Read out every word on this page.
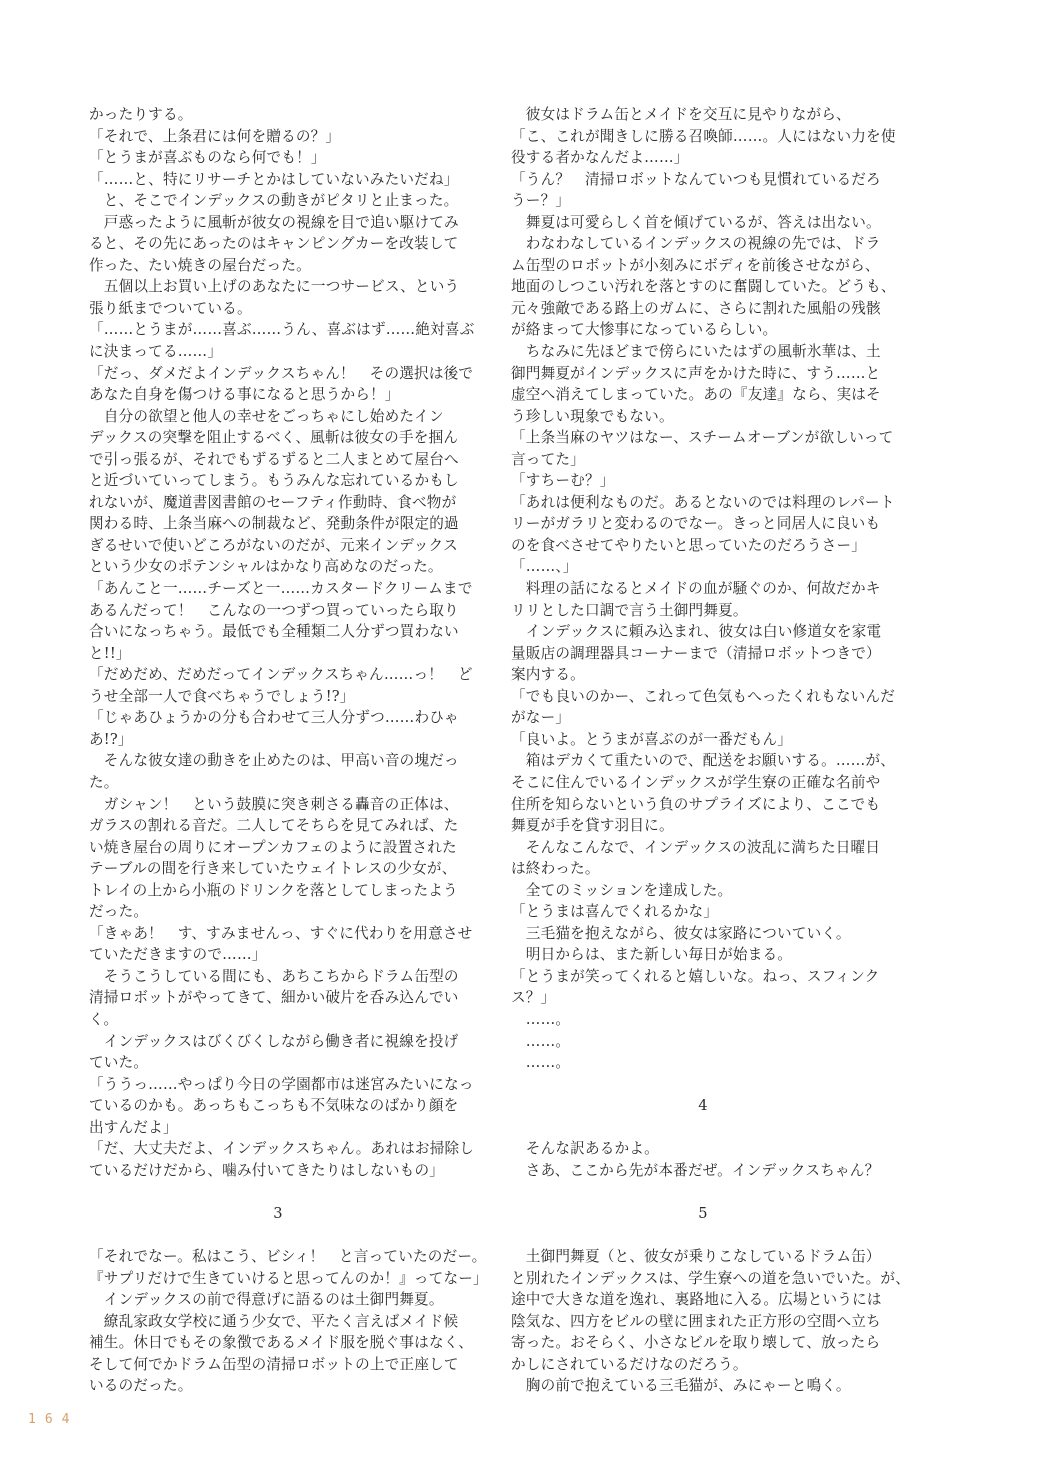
かったりする。
「それで、上条君には何を贈るの？」
「とうまが喜ぶものなら何でも！」
「……と、特にリサーチとかはしていないみたいだね」
　と、そこでインデックスの動きがピタリと止まった。
　戸惑ったように風斬が彼女の視線を目で追い駆けてみ
ると、その先にあったのはキャンピングカーを改装して
作った、たい焼きの屋台だった。
　五個以上お買い上げのあなたに一つサービス、という
張り紙までついている。
「……とうまが……喜ぶ……うん、喜ぶはず……絶対喜ぶ
に決まってる……」
「だっ、ダメだよインデックスちゃん！　その選択は後で
あなた自身を傷つける事になると思うから！」
　自分の欲望と他人の幸せをごっちゃにし始めたイン
デックスの突撃を阻止するべく、風斬は彼女の手を掴ん
で引っ張るが、それでもずるずると二人まとめて屋台へ
と近づいていってしまう。もうみんな忘れているかもし
れないが、魔道書図書館のセーフティ作動時、食べ物が
関わる時、上条当麻への制裁など、発動条件が限定的過
ぎるせいで使いどころがないのだが、元来インデックス
という少女のポテンシャルはかなり高めなのだった。
「あんこと一……チーズと一……カスタードクリームまで
あるんだって！　こんなの一つずつ買っていったら取り
合いになっちゃう。最低でも全種類二人分ずつ買わない
と!!」
「だめだめ、だめだってインデックスちゃん……っ！　ど
うせ全部一人で食べちゃうでしょう!?」
「じゃあひょうかの分も合わせて三人分ずつ……わひゃ
あ!?」
　そんな彼女達の動きを止めたのは、甲高い音の塊だっ
た。
　ガシャン！　という鼓膜に突き刺さる轟音の正体は、
ガラスの割れる音だ。二人してそちらを見てみれば、た
い焼き屋台の周りにオープンカフェのように設置された
テーブルの間を行き来していたウェイトレスの少女が、
トレイの上から小瓶のドリンクを落としてしまったよう
だった。
「きゃあ！　す、すみませんっ、すぐに代わりを用意させ
ていただきますので……」
　そうこうしている間にも、あちこちからドラム缶型の
清掃ロボットがやってきて、細かい破片を呑み込んでい
く。
　インデックスはびくびくしながら働き者に視線を投げ
ていた。
「ううっ……やっぱり今日の学園都市は迷宮みたいになっ
ているのかも。あっちもこっちも不気味なのばかり顔を
出すんだよ」
「だ、大丈夫だよ、インデックスちゃん。あれはお掃除し
ているだけだから、噛み付いてきたりはしないもの」
3
「それでなー。私はこう、ビシィ！　と言っていたのだー。
『サプリだけで生きていけると思ってんのか！』ってなー」
　インデックスの前で得意げに語るのは土御門舞夏。
　繚乱家政女学校に通う少女で、平たく言えばメイド候
補生。休日でもその象徴であるメイド服を脱ぐ事はなく、
そして何でかドラム缶型の清掃ロボットの上で正座して
いるのだった。
　彼女はドラム缶とメイドを交互に見やりながら、
「こ、これが聞きしに勝る召喚師……。人にはない力を使
役する者かなんだよ……」
「うん？　清掃ロボットなんていつも見慣れているだろ
うー？」
　舞夏は可愛らしく首を傾げているが、答えは出ない。
　わなわなしているインデックスの視線の先では、ドラ
ム缶型のロボットが小刻みにボディを前後させながら、
地面のしつこい汚れを落とすのに奮闘していた。どうも、
元々強敵である路上のガムに、さらに割れた風船の残骸
が絡まって大惨事になっているらしい。
　ちなみに先ほどまで傍らにいたはずの風斬氷華は、土
御門舞夏がインデックスに声をかけた時に、すう……と
虚空へ消えてしまっていた。あの『友達』なら、実はそ
う珍しい現象でもない。
「上条当麻のヤツはなー、スチームオーブンが欲しいって
言ってた」
「すちーむ？」
「あれは便利なものだ。あるとないのでは料理のレパート
リーがガラリと変わるのでなー。きっと同居人に良いも
のを食べさせてやりたいと思っていたのだろうさー」
「……、」
　料理の話になるとメイドの血が騒ぐのか、何故だかキ
リリとした口調で言う土御門舞夏。
　インデックスに頼み込まれ、彼女は白い修道女を家電
量販店の調理器具コーナーまで（清掃ロボットつきで）
案内する。
「でも良いのかー、これって色気もへったくれもないんだ
がなー」
「良いよ。とうまが喜ぶのが一番だもん」
　箱はデカくて重たいので、配送をお願いする。……が、
そこに住んでいるインデックスが学生寮の正確な名前や
住所を知らないという負のサプライズにより、ここでも
舞夏が手を貸す羽目に。
　そんなこんなで、インデックスの波乱に満ちた日曜日
は終わった。
　全てのミッションを達成した。
「とうまは喜んでくれるかな」
　三毛猫を抱えながら、彼女は家路についていく。
　明日からは、また新しい毎日が始まる。
「とうまが笑ってくれると嬉しいな。ねっ、スフィンク
ス？」
　……。
　……。
　……。
4
　そんな訳あるかよ。
　さあ、ここから先が本番だぜ。インデックスちゃん？
5
　土御門舞夏（と、彼女が乗りこなしているドラム缶）
と別れたインデックスは、学生寮への道を急いでいた。が、
途中で大きな道を逸れ、裏路地に入る。広場というには
陰気な、四方をビルの壁に囲まれた正方形の空間へ立ち
寄った。おそらく、小さなビルを取り壊して、放ったら
かしにされているだけなのだろう。
　胸の前で抱えている三毛猫が、みにゃーと鳴く。
164
